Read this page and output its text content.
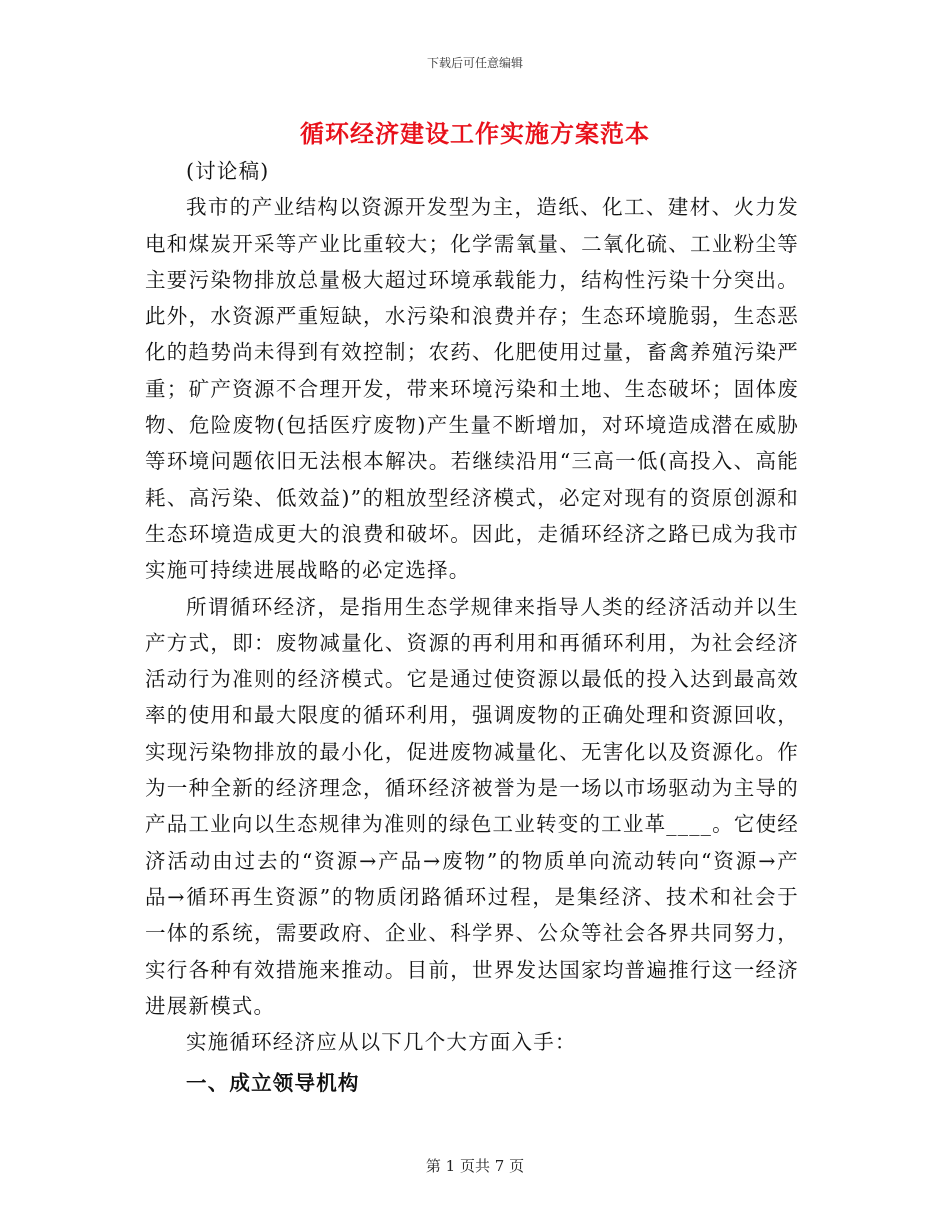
下载后可任意编辑
循环经济建设工作实施方案范本

(讨论稿)

我市的产业结构以资源开发型为主，造纸、化工、建材、火力发电和煤炭开采等产业比重较大；化学需氧量、二氧化硫、工业粉尘等主要污染物排放总量极大超过环境承载能力，结构性污染十分突出。此外，水资源严重短缺，水污染和浪费并存；生态环境脆弱，生态恶化的趋势尚未得到有效控制；农药、化肥使用过量，畜禽养殖污染严重；矿产资源不合理开发，带来环境污染和土地、生态破坏；固体废物、危险废物(包括医疗废物)产生量不断增加，对环境造成潜在威胁等环境问题依旧无法根本解决。若继续沿用“三高一低(高投入、高能耗、高污染、低效益)”的粗放型经济模式，必定对现有的资原创源和生态环境造成更大的浪费和破坏。因此，走循环经济之路已成为我市实施可持续进展战略的必定选择。

所谓循环经济，是指用生态学规律来指导人类的经济活动并以生产方式，即：废物减量化、资源的再利用和再循环利用，为社会经济活动行为准则的经济模式。它是通过使资源以最低的投入达到最高效率的使用和最大限度的循环利用，强调废物的正确处理和资源回收，实现污染物排放的最小化，促进废物减量化、无害化以及资源化。作为一种全新的经济理念，循环经济被誉为是一场以市场驱动为主导的产品工业向以生态规律为准则的绿色工业转变的工业革____。它使经济活动由过去的“资源→产品→废物”的物质单向流动转向“资源→产品→循环再生资源”的物质闭路循环过程，是集经济、技术和社会于一体的系统，需要政府、企业、科学界、公众等社会各界共同努力，实行各种有效措施来推动。目前，世界发达国家均普遍推行这一经济进展新模式。

实施循环经济应从以下几个大方面入手：

一、成立领导机构

第 1 页共 7 页
